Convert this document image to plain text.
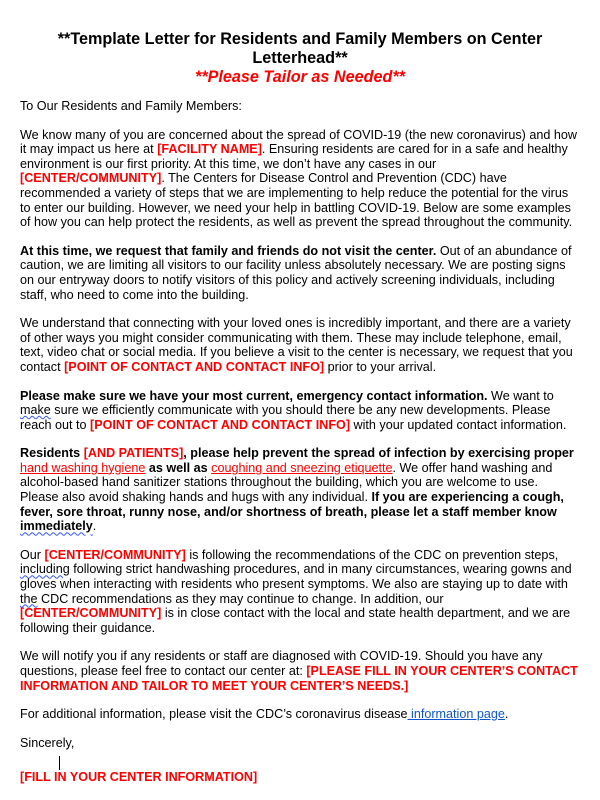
**Template Letter for Residents and Family Members on Center Letterhead**
**Please Tailor as Needed**

To Our Residents and Family Members:

We know many of you are concerned about the spread of COVID-19 (the new coronavirus) and how it may impact us here at [FACILITY NAME]. Ensuring residents are cared for in a safe and healthy environment is our first priority. At this time, we don’t have any cases in our [CENTER/COMMUNITY]. The Centers for Disease Control and Prevention (CDC) have recommended a variety of steps that we are implementing to help reduce the potential for the virus to enter our building. However, we need your help in battling COVID-19. Below are some examples of how you can help protect the residents, as well as prevent the spread throughout the community.

At this time, we request that family and friends do not visit the center. Out of an abundance of caution, we are limiting all visitors to our facility unless absolutely necessary. We are posting signs on our entryway doors to notify visitors of this policy and actively screening individuals, including staff, who need to come into the building.

We understand that connecting with your loved ones is incredibly important, and there are a variety of other ways you might consider communicating with them. These may include telephone, email, text, video chat or social media. If you believe a visit to the center is necessary, we request that you contact [POINT OF CONTACT AND CONTACT INFO] prior to your arrival.

Please make sure we have your most current, emergency contact information. We want to make sure we efficiently communicate with you should there be any new developments. Please reach out to [POINT OF CONTACT AND CONTACT INFO] with your updated contact information.

Residents [AND PATIENTS], please help prevent the spread of infection by exercising proper hand washing hygiene as well as coughing and sneezing etiquette. We offer hand washing and alcohol-based hand sanitizer stations throughout the building, which you are welcome to use. Please also avoid shaking hands and hugs with any individual. If you are experiencing a cough, fever, sore throat, runny nose, and/or shortness of breath, please let a staff member know immediately.

Our [CENTER/COMMUNITY] is following the recommendations of the CDC on prevention steps, including following strict handwashing procedures, and in many circumstances, wearing gowns and gloves when interacting with residents who present symptoms. We also are staying up to date with the CDC recommendations as they may continue to change. In addition, our [CENTER/COMMUNITY] is in close contact with the local and state health department, and we are following their guidance.

We will notify you if any residents or staff are diagnosed with COVID-19. Should you have any questions, please feel free to contact our center at: [PLEASE FILL IN YOUR CENTER’S CONTACT INFORMATION AND TAILOR TO MEET YOUR CENTER’S NEEDS.]

For additional information, please visit the CDC’s coronavirus disease information page.

Sincerely,

[FILL IN YOUR CENTER INFORMATION]
